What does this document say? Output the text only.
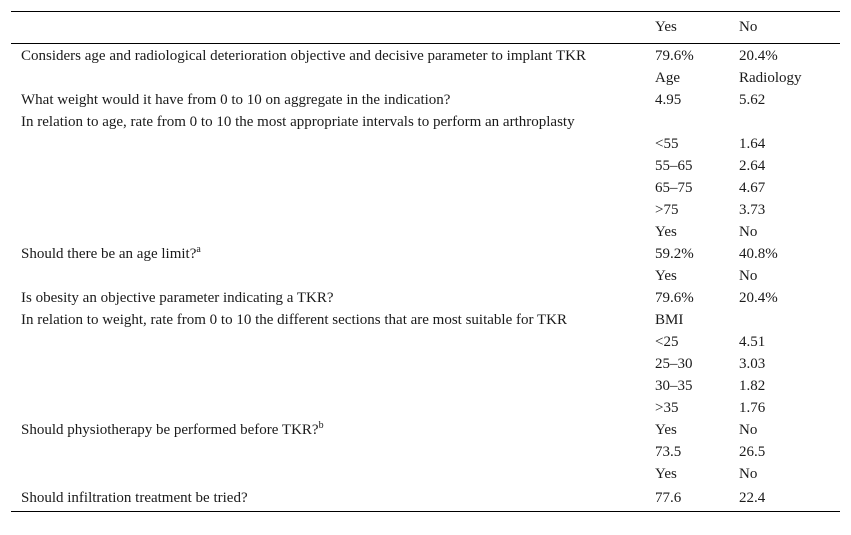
	Yes	No
Considers age and radiological deterioration objective and decisive parameter to implant TKR	79.6%	20.4%
	Age	Radiology
What weight would it have from 0 to 10 on aggregate in the indication?	4.95	5.62
In relation to age, rate from 0 to 10 the most appropriate intervals to perform an arthroplasty		
	<55	1.64
	55–65	2.64
	65–75	4.67
	>75	3.73
	Yes	No
Should there be an age limit?$^a$	59.2%	40.8%
	Yes	No
Is obesity an objective parameter indicating a TKR?	79.6%	20.4%
In relation to weight, rate from 0 to 10 the different sections that are most suitable for TKR	BMI	
	<25	4.51
	25–30	3.03
	30–35	1.82
	>35	1.76
Should physiotherapy be performed before TKR?$^b$	Yes	No
	73.5	26.5
	Yes	No
Should infiltration treatment be tried?	77.6	22.4
